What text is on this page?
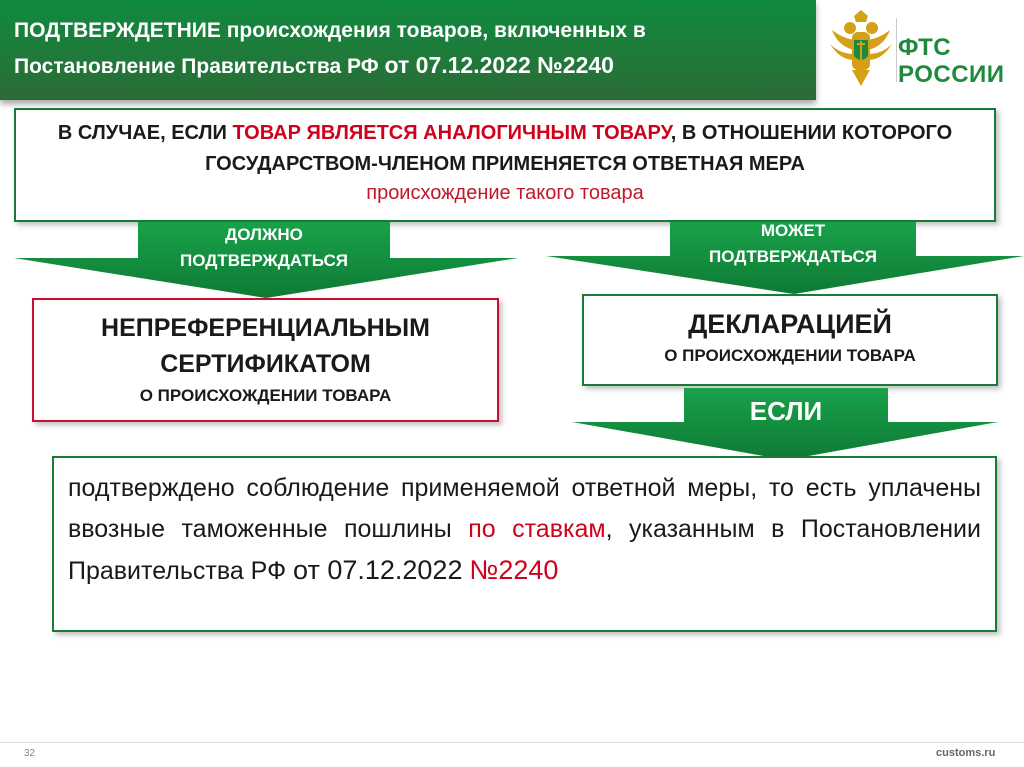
ПОДТВЕРЖДЕТНИЕ происхождения товаров, включенных в Постановление Правительства РФ от 07.12.2022 №2240
ФТС
РОССИИ
В СЛУЧАЕ, ЕСЛИ ТОВАР ЯВЛЯЕТСЯ АНАЛОГИЧНЫМ ТОВАРУ, В ОТНОШЕНИИ КОТОРОГО ГОСУДАРСТВОМ-ЧЛЕНОМ ПРИМЕНЯЕТСЯ ОТВЕТНАЯ МЕРА
происхождение такого товара
ДОЛЖНО
ПОДТВЕРЖДАТЬСЯ
МОЖЕТ
ПОДТВЕРЖДАТЬСЯ
НЕПРЕФЕРЕНЦИАЛЬНЫМ
СЕРТИФИКАТОМ
О ПРОИСХОЖДЕНИИ ТОВАРА
ДЕКЛАРАЦИЕЙ
О ПРОИСХОЖДЕНИИ ТОВАРА
ЕСЛИ
подтверждено соблюдение применяемой ответной меры, то есть уплачены ввозные таможенные пошлины по ставкам, указанным в Постановлении Правительства РФ от 07.12.2022 №2240
32	customs.ru
